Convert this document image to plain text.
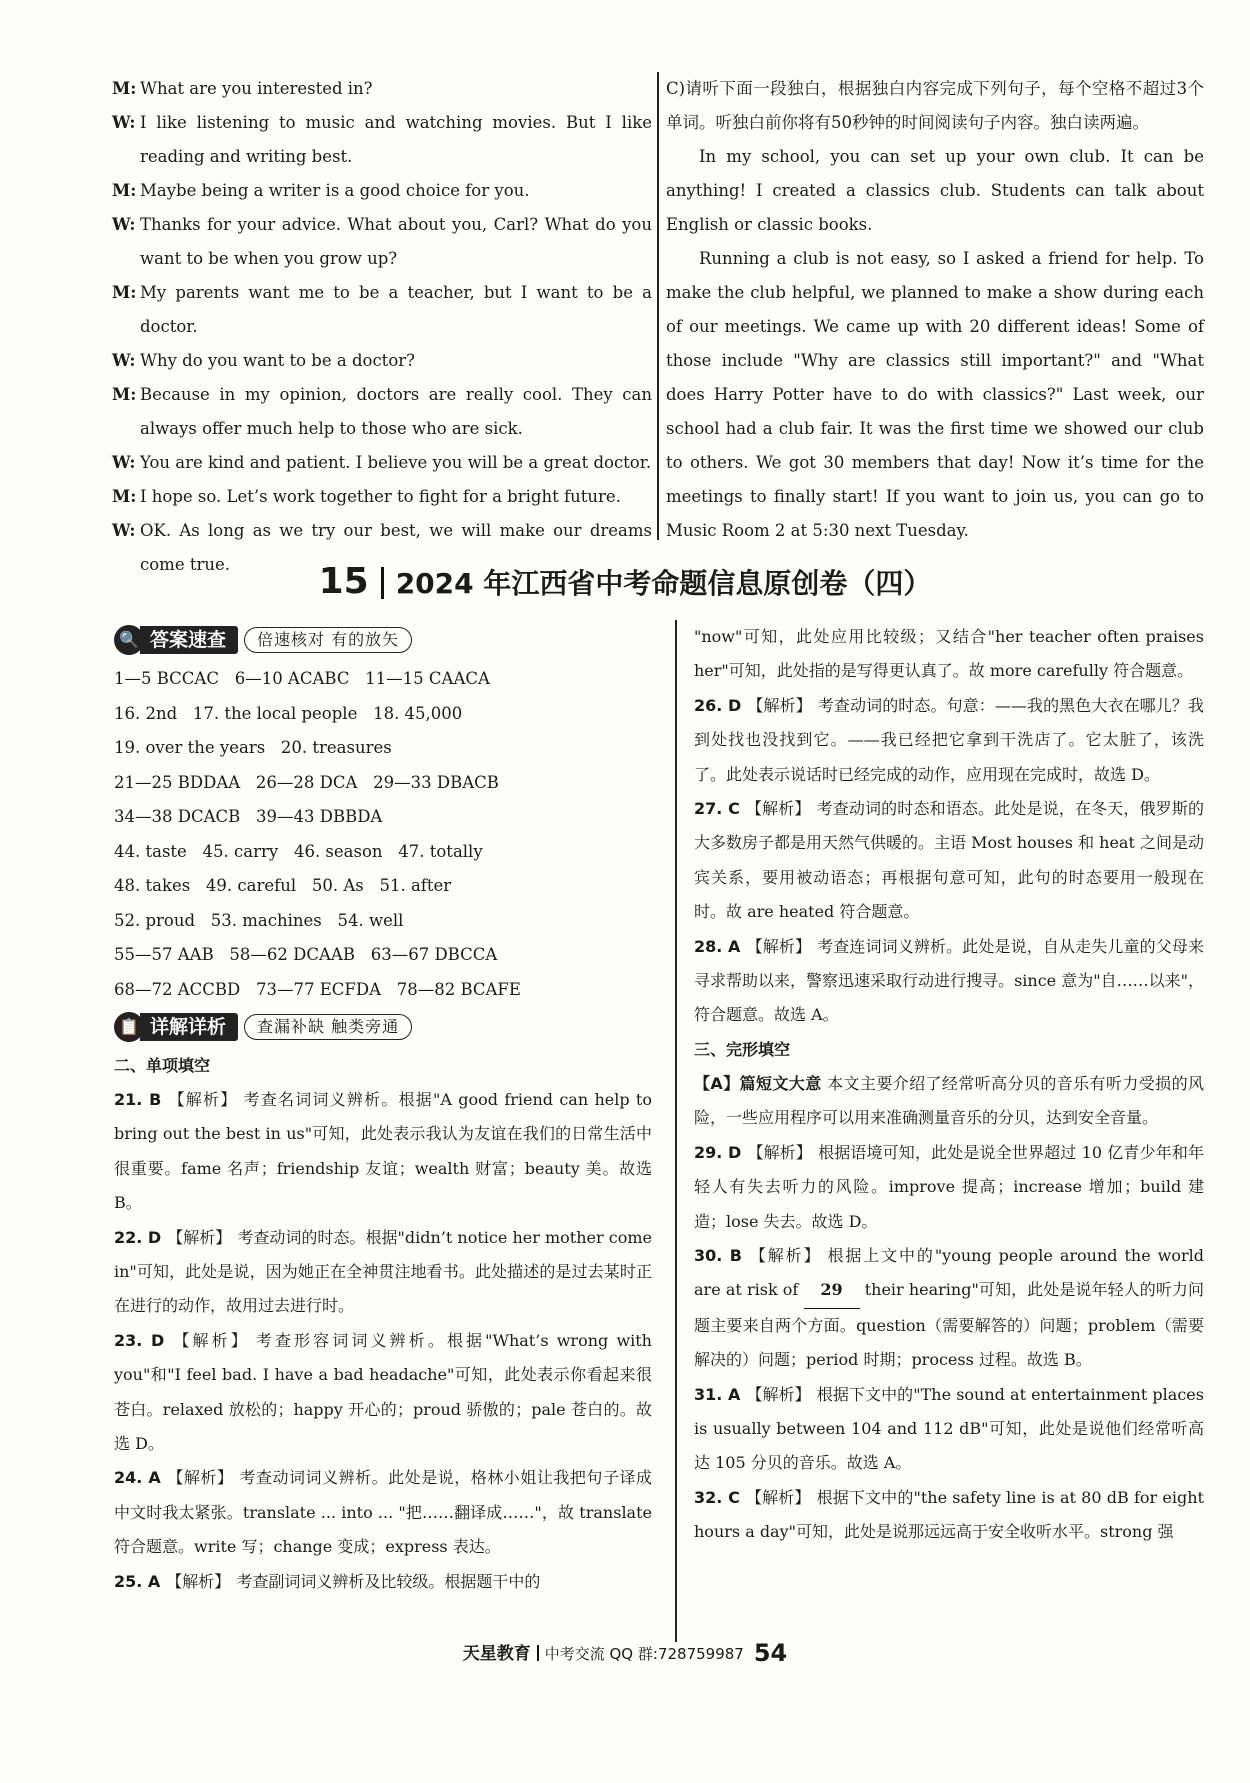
M: What are you interested in?
W: I like listening to music and watching movies. But I like reading and writing best.
M: Maybe being a writer is a good choice for you.
W: Thanks for your advice. What about you, Carl? What do you want to be when you grow up?
M: My parents want me to be a teacher, but I want to be a doctor.
W: Why do you want to be a doctor?
M: Because in my opinion, doctors are really cool. They can always offer much help to those who are sick.
W: You are kind and patient. I believe you will be a great doctor.
M: I hope so. Let’s work together to fight for a bright future.
W: OK. As long as we try our best, we will make our dreams come true.

C)请听下面一段独白，根据独白内容完成下列句子，每个空格不超过3个单词。听独白前你将有50秒钟的时间阅读句子内容。独白读两遍。

In my school, you can set up your own club. It can be anything! I created a classics club. Students can talk about English or classic books.

Running a club is not easy, so I asked a friend for help. To make the club helpful, we planned to make a show during each of our meetings. We came up with 20 different ideas! Some of those include "Why are classics still important?" and "What does Harry Potter have to do with classics?" Last week, our school had a club fair. It was the first time we showed our club to others. We got 30 members that day! Now it’s time for the meetings to finally start! If you want to join us, you can go to Music Room 2 at 5:30 next Tuesday.

15 2024 年江西省中考命题信息原创卷（四）
🔍 答案速查	倍速核对 有的放矢
1—5 BCCAC   6—10 ACABC   11—15 CAACA
16. 2nd   17. the local people   18. 45,000
19. over the years   20. treasures
21—25 BDDAA   26—28 DCA   29—33 DBACB
34—38 DCACB   39—43 DBBDA
44. taste   45. carry   46. season   47. totally
48. takes   49. careful   50. As   51. after
52. proud   53. machines   54. well
55—57 AAB   58—62 DCAAB   63—67 DBCCA
68—72 ACCBD   73—77 ECFDA   78—82 BCAFE
📋 详解详析	查漏补缺 触类旁通
二、单项填空
21. B 【解析】 考查名词词义辨析。根据"A good friend can help to bring out the best in us"可知，此处表示我认为友谊在我们的日常生活中很重要。fame 名声；friendship 友谊；wealth 财富；beauty 美。故选 B。
22. D 【解析】 考查动词的时态。根据"didn’t notice her mother come in"可知，此处是说，因为她正在全神贯注地看书。此处描述的是过去某时正在进行的动作，故用过去进行时。
23. D 【解析】 考查形容词词义辨析。根据"What’s wrong with you"和"I feel bad. I have a bad headache"可知，此处表示你看起来很苍白。relaxed 放松的；happy 开心的；proud 骄傲的；pale 苍白的。故选 D。
24. A 【解析】 考查动词词义辨析。此处是说，格林小姐让我把句子译成中文时我太紧张。translate ... into ... "把……翻译成……"，故 translate 符合题意。write 写；change 变成；express 表达。
25. A 【解析】 考查副词词义辨析及比较级。根据题干中的
"now"可知，此处应用比较级；又结合"her teacher often praises her"可知，此处指的是写得更认真了。故 more carefully 符合题意。
26. D 【解析】 考查动词的时态。句意：——我的黑色大衣在哪儿？我到处找也没找到它。——我已经把它拿到干洗店了。它太脏了，该洗了。此处表示说话时已经完成的动作，应用现在完成时，故选 D。
27. C 【解析】 考查动词的时态和语态。此处是说，在冬天，俄罗斯的大多数房子都是用天然气供暖的。主语 Most houses 和 heat 之间是动宾关系，要用被动语态；再根据句意可知，此句的时态要用一般现在时。故 are heated 符合题意。
28. A 【解析】 考查连词词义辨析。此处是说，自从走失儿童的父母来寻求帮助以来，警察迅速采取行动进行搜寻。since 意为"自……以来"，符合题意。故选 A。
三、完形填空
【A】篇短文大意 本文主要介绍了经常听高分贝的音乐有听力受损的风险，一些应用程序可以用来准确测量音乐的分贝，达到安全音量。
29. D 【解析】 根据语境可知，此处是说全世界超过 10 亿青少年和年轻人有失去听力的风险。improve 提高；increase 增加；build 建造；lose 失去。故选 D。
30. B 【解析】 根据上文中的"young people around the world are at risk of 29 their hearing"可知，此处是说年轻人的听力问题主要来自两个方面。question（需要解答的）问题；problem（需要解决的）问题；period 时期；process 过程。故选 B。
31. A 【解析】 根据下文中的"The sound at entertainment places is usually between 104 and 112 dB"可知，此处是说他们经常听高达 105 分贝的音乐。故选 A。
32. C 【解析】 根据下文中的"the safety line is at 80 dB for eight hours a day"可知，此处是说那远远高于安全收听水平。strong 强
天星教育 中考交流 QQ 群:728759987 54
